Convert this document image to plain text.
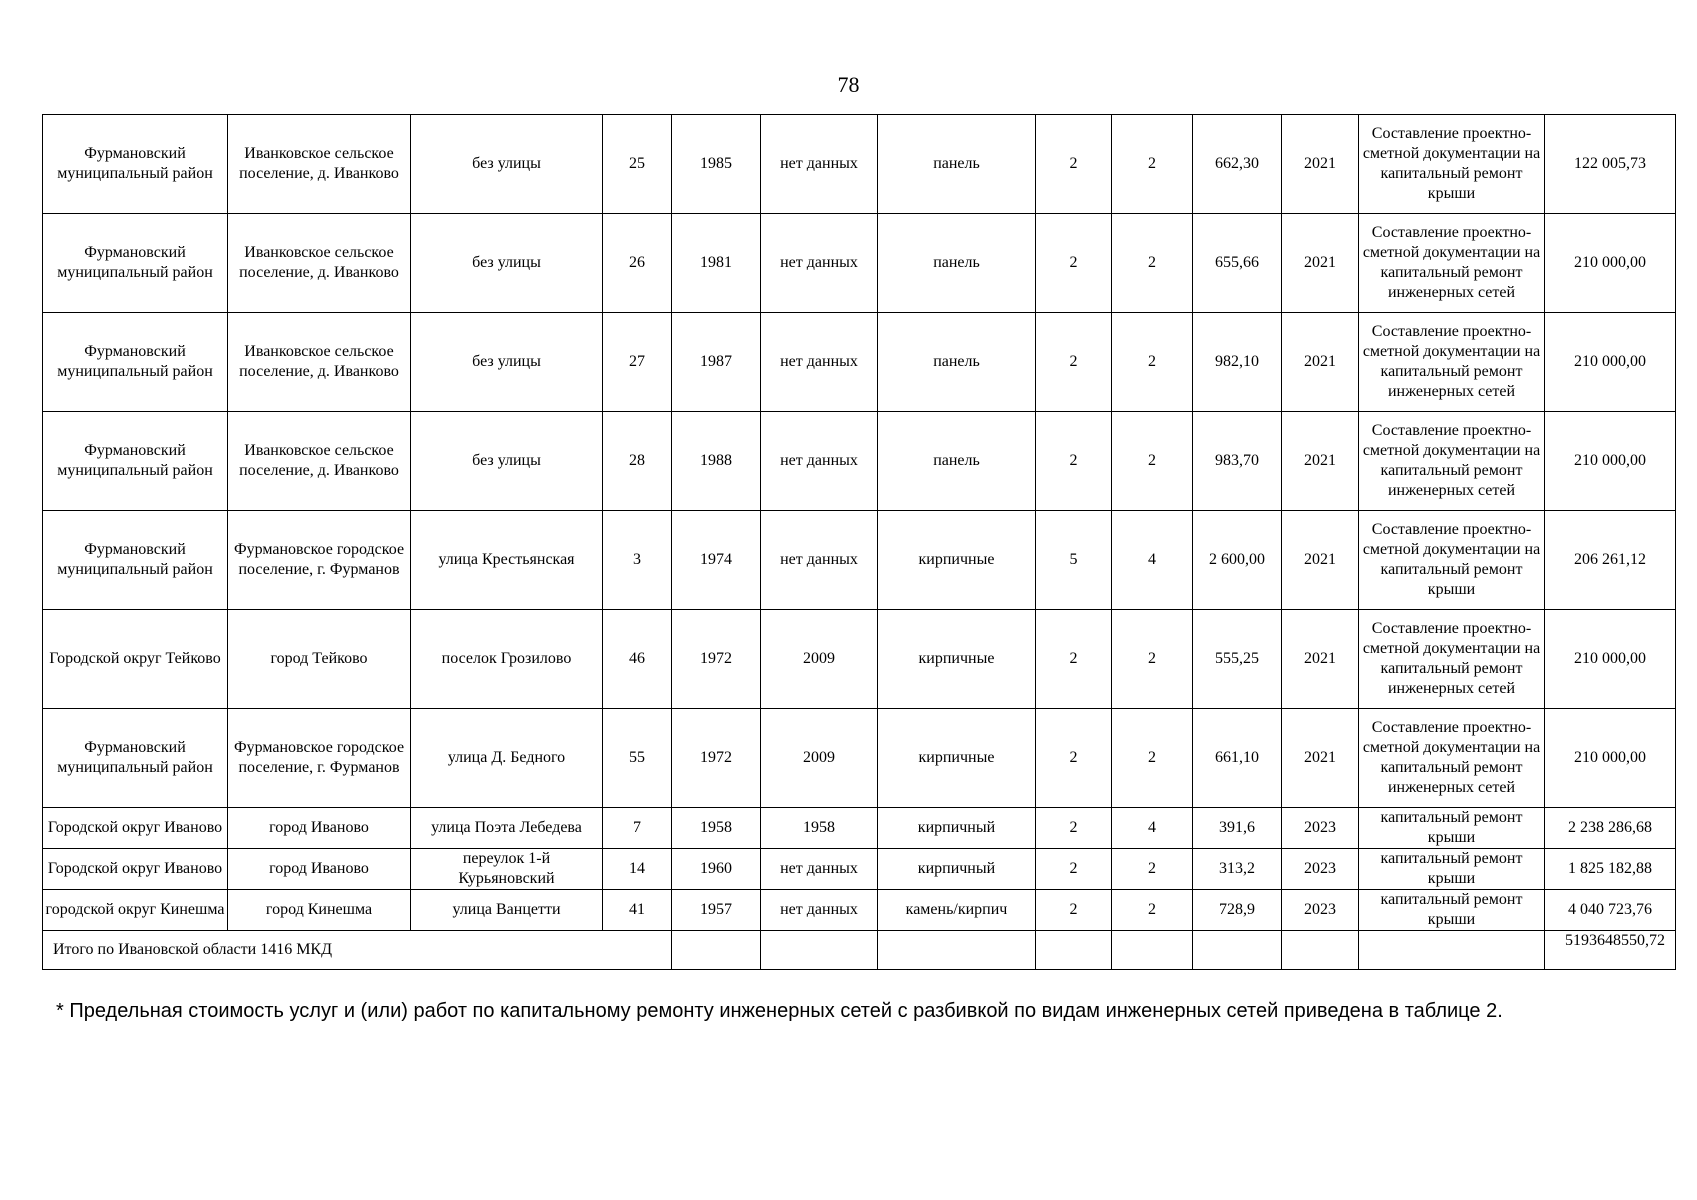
78
Фурмановский муниципальный район	Иванковское сельское поселение, д. Иванково	без улицы	25	1985	нет данных	панель	2	2	662,30	2021	Составление проектно-сметной документации на капитальный ремонт крыши	122 005,73
Фурмановский муниципальный район	Иванковское сельское поселение, д. Иванково	без улицы	26	1981	нет данных	панель	2	2	655,66	2021	Составление проектно-сметной документации на капитальный ремонт инженерных сетей	210 000,00
Фурмановский муниципальный район	Иванковское сельское поселение, д. Иванково	без улицы	27	1987	нет данных	панель	2	2	982,10	2021	Составление проектно-сметной документации на капитальный ремонт инженерных сетей	210 000,00
Фурмановский муниципальный район	Иванковское сельское поселение, д. Иванково	без улицы	28	1988	нет данных	панель	2	2	983,70	2021	Составление проектно-сметной документации на капитальный ремонт инженерных сетей	210 000,00
Фурмановский муниципальный район	Фурмановское городское поселение, г. Фурманов	улица Крестьянская	3	1974	нет данных	кирпичные	5	4	2 600,00	2021	Составление проектно-сметной документации на капитальный ремонт крыши	206 261,12
Городской округ Тейково	город Тейково	поселок Грозилово	46	1972	2009	кирпичные	2	2	555,25	2021	Составление проектно-сметной документации на капитальный ремонт инженерных сетей	210 000,00
Фурмановский муниципальный район	Фурмановское городское поселение, г. Фурманов	улица Д. Бедного	55	1972	2009	кирпичные	2	2	661,10	2021	Составление проектно-сметной документации на капитальный ремонт инженерных сетей	210 000,00
Городской округ Иваново	город Иваново	улица Поэта Лебедева	7	1958	1958	кирпичный	2	4	391,6	2023	капитальный ремонт крыши	2 238 286,68
Городской округ Иваново	город Иваново	переулок 1-й Курьяновский	14	1960	нет данных	кирпичный	2	2	313,2	2023	капитальный ремонт крыши	1 825 182,88
городской округ Кинешма	город Кинешма	улица Ванцетти	41	1957	нет данных	камень/кирпич	2	2	728,9	2023	капитальный ремонт крыши	4 040 723,76
Итого по Ивановской области 1416 МКД												5193648550,72
* Предельная стоимость услуг и (или) работ по капитальному ремонту инженерных сетей с разбивкой по видам инженерных сетей приведена в таблице 2.
